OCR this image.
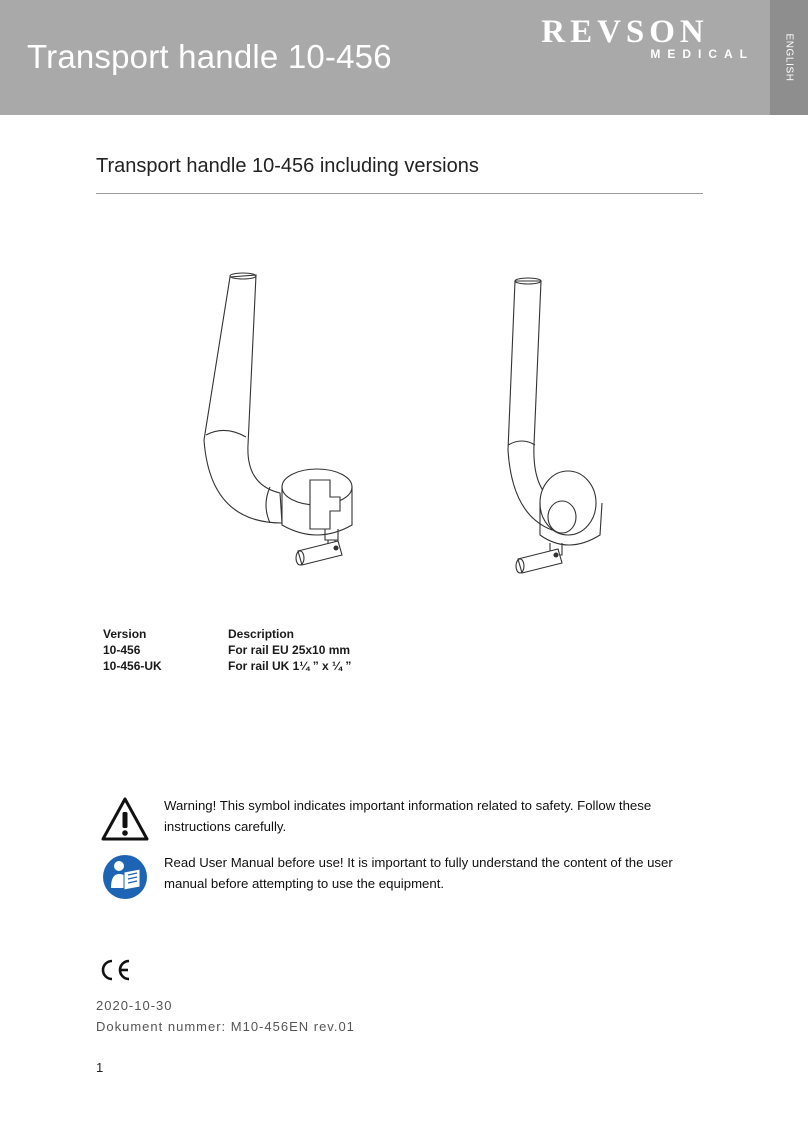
Transport handle 10-456	ENGLISH
REVSON
MEDICAL
Transport handle 10-456 including versions
Version	Description
10-456	For rail EU 25x10 mm
10-456-UK	For rail UK 1¼ ” x ¼ ”
Warning! This symbol indicates important information related to safety. Follow these instructions carefully.
Read User Manual before use! It is important to fully understand the content of the user manual before attempting to use the equipment.
2020-10-30
Dokument nummer: M10-456EN rev.01
1
